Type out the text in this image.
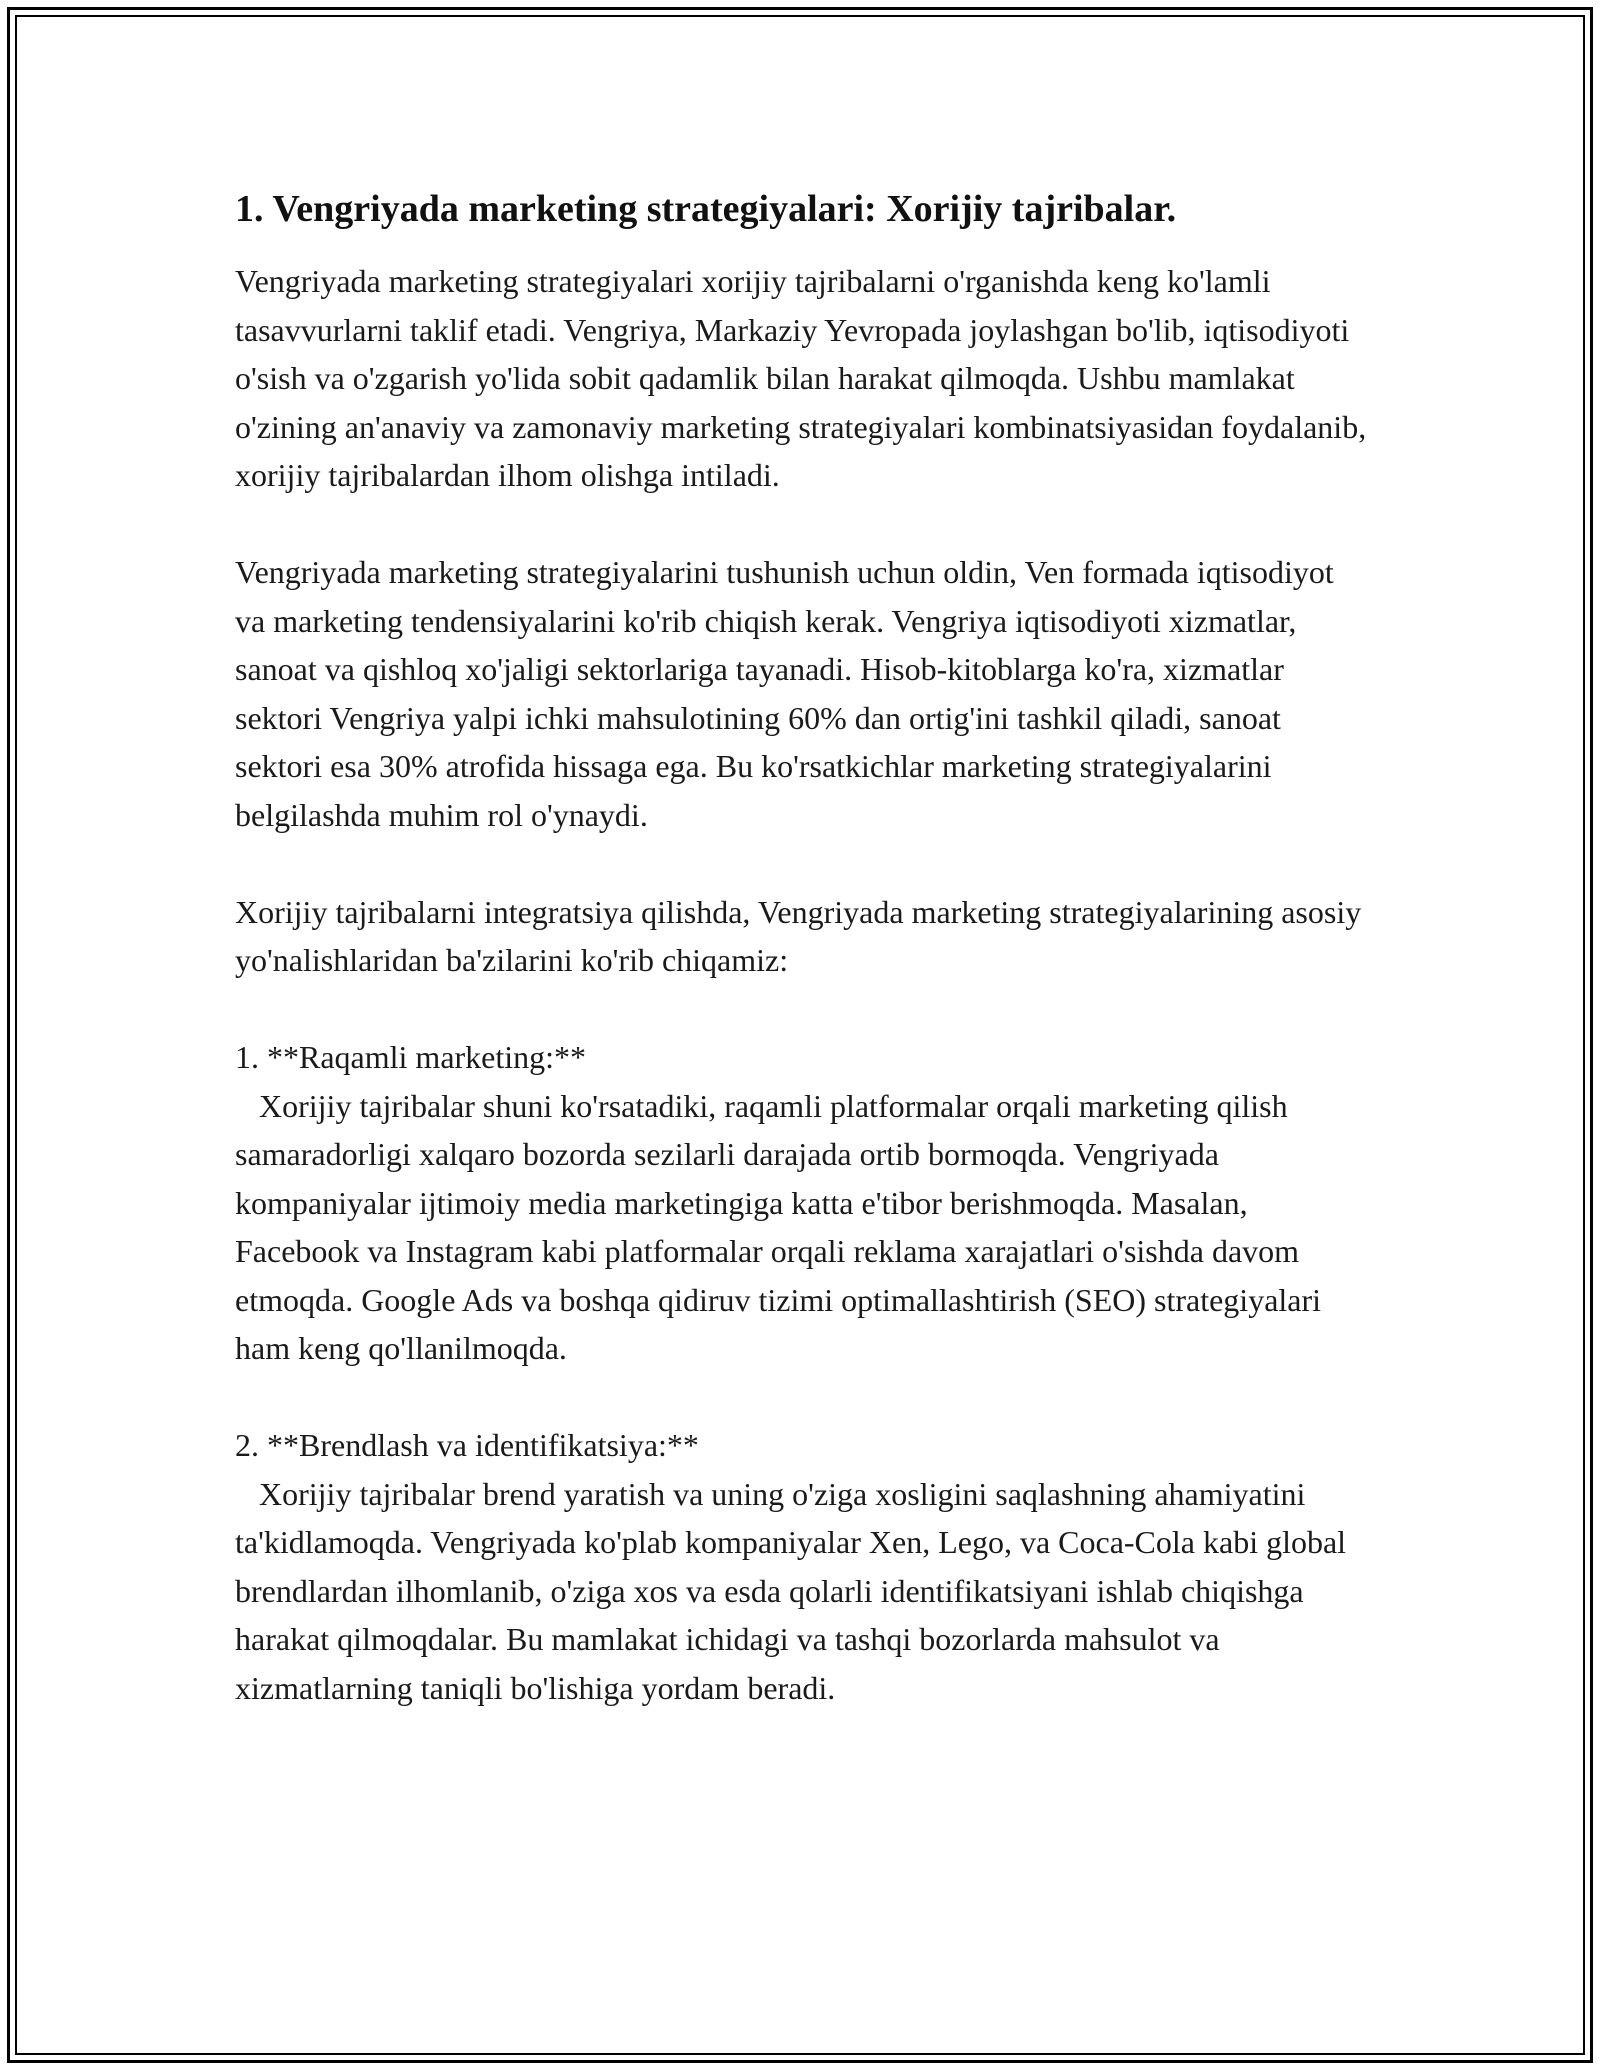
1. Vengriyada marketing strategiyalari: Xorijiy tajribalar.

Vengriyada marketing strategiyalari xorijiy tajribalarni o'rganishda keng ko'lamli tasavvurlarni taklif etadi. Vengriya, Markaziy Yevropada joylashgan bo'lib, iqtisodiyoti o'sish va o'zgarish yo'lida sobit qadamlik bilan harakat qilmoqda. Ushbu mamlakat o'zining an'anaviy va zamonaviy marketing strategiyalari kombinatsiyasidan foydalanib, xorijiy tajribalardan ilhom olishga intiladi.

Vengriyada marketing strategiyalarini tushunish uchun oldin, Ven formada iqtisodiyot va marketing tendensiyalarini ko'rib chiqish kerak. Vengriya iqtisodiyoti xizmatlar, sanoat va qishloq xo'jaligi sektorlariga tayanadi. Hisob-kitoblarga ko'ra, xizmatlar sektori Vengriya yalpi ichki mahsulotining 60% dan ortig'ini tashkil qiladi, sanoat sektori esa 30% atrofida hissaga ega. Bu ko'rsatkichlar marketing strategiyalarini belgilashda muhim rol o'ynaydi.

Xorijiy tajribalarni integratsiya qilishda, Vengriyada marketing strategiyalarining asosiy yo'nalishlaridan ba'zilarini ko'rib chiqamiz:

1. **Raqamli marketing:**

Xorijiy tajribalar shuni ko'rsatadiki, raqamli platformalar orqali marketing qilish samaradorligi xalqaro bozorda sezilarli darajada ortib bormoqda. Vengriyada kompaniyalar ijtimoiy media marketingiga katta e'tibor berishmoqda. Masalan, Facebook va Instagram kabi platformalar orqali reklama xarajatlari o'sishda davom etmoqda. Google Ads va boshqa qidiruv tizimi optimallashtirish (SEO) strategiyalari ham keng qo'llanilmoqda.

2. **Brendlash va identifikatsiya:**

Xorijiy tajribalar brend yaratish va uning o'ziga xosligini saqlashning ahamiyatini ta'kidlamoqda. Vengriyada ko'plab kompaniyalar Xen, Lego, va Coca-Cola kabi global brendlardan ilhomlanib, o'ziga xos va esda qolarli identifikatsiyani ishlab chiqishga harakat qilmoqdalar. Bu mamlakat ichidagi va tashqi bozorlarda mahsulot va xizmatlarning taniqli bo'lishiga yordam beradi.
